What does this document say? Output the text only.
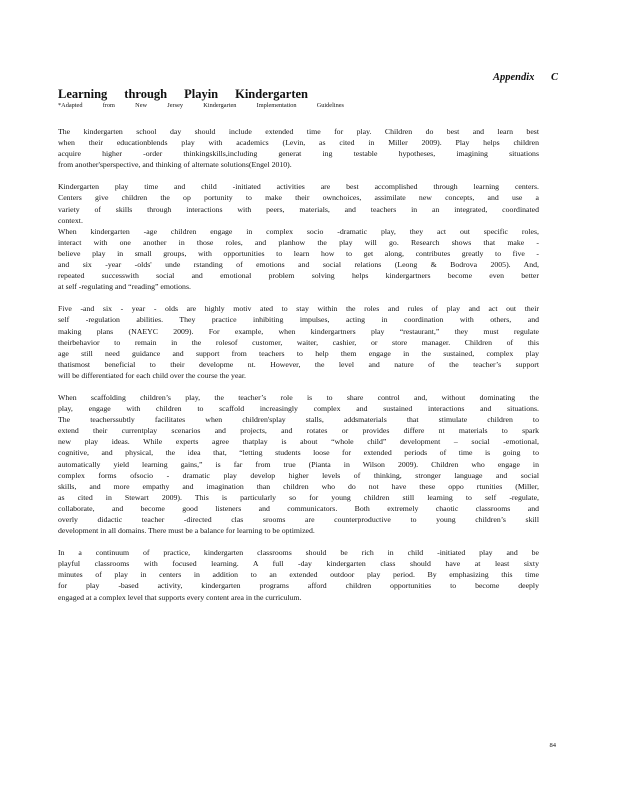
Appendix C
Learning through Playin Kindergarten
*Adapted from New Jersey Kindergarten Implementation Guidelines
The kindergarten school day should include extended time for play. Children do best and learn best
when their educationblends play with academics (Levin, as cited in Miller 2009). Play helps children
acquire higher -order thinkingskills,including generat ing testable hypotheses, imagining situations
from another'sperspective, and thinking of alternate solutions(Engel 2010).
Kindergarten play time and child -initiated activities are best accomplished through learning centers.
Centers give children the op portunity to make their ownchoices, assimilate new concepts, and use a
variety of skills through interactions with peers, materials, and teachers in an integrated, coordinated
context.
When kindergarten -age children engage in complex socio -dramatic play, they act out specific roles,
interact with one another in those roles, and planhow the play will go. Research shows that make -
believe play in small groups, with opportunities to learn how to get along, contributes greatly to five -
and six -year -olds' unde rstanding of emotions and social relations (Leong & Bodrova 2005). And,
repeated successwith social and emotional problem solving helps kindergartners become even better
at self -regulating and “reading” emotions.
Five -and six - year - olds are highly motiv ated to stay within the roles and rules of play and act out their
self -regulation abilities. They practice inhibiting impulses, acting in coordination with others, and
making plans (NAEYC 2009). For example, when kindergartners play “restaurant,” they must regulate
theirbehavior to remain in the rolesof customer, waiter, cashier, or store manager. Children of this
age still need guidance and support from teachers to help them engage in the sustained, complex play
thatismost beneficial to their developme nt. However, the level and nature of the teacher’s support
will be differentiated for each child over the course the year.
When scaffolding children’s play, the teacher’s role is to share control and, without dominating the
play, engage with children to scaffold increasingly complex and sustained interactions and situations.
The teacherssubtly facilitates when children'splay stalls, addsmaterials that stimulate children to
extend their currentplay scenarios and projects, and rotates or provides differe nt materials to spark
new play ideas. While experts agree thatplay is about “whole child” development – social -emotional,
cognitive, and physical, the idea that, “letting students loose for extended periods of time is going to
automatically yield learning gains,” is far from true (Pianta in Wilson 2009). Children who engage in
complex forms ofsocio - dramatic play develop higher levels of thinking, stronger language and social
skills, and more empathy and imagination than children who do not have these oppo rtunities (Miller,
as cited in Stewart 2009). This is particularly so for young children still learning to self -regulate,
collaborate, and become good listeners and communicators. Both extremely chaotic classrooms and
overly didactic teacher -directed clas srooms are counterproductive to young children’s skill
development in all domains. There must be a balance for learning to be optimized.
In a continuum of practice, kindergarten classrooms should be rich in child -initiated play and be
playful classrooms with focused learning. A full -day kindergarten class should have at least sixty
minutes of play in centers in addition to an extended outdoor play period. By emphasizing this time
for play -based activity, kindergarten programs afford children opportunities to become deeply
engaged at a complex level that supports every content area in the curriculum.
84
